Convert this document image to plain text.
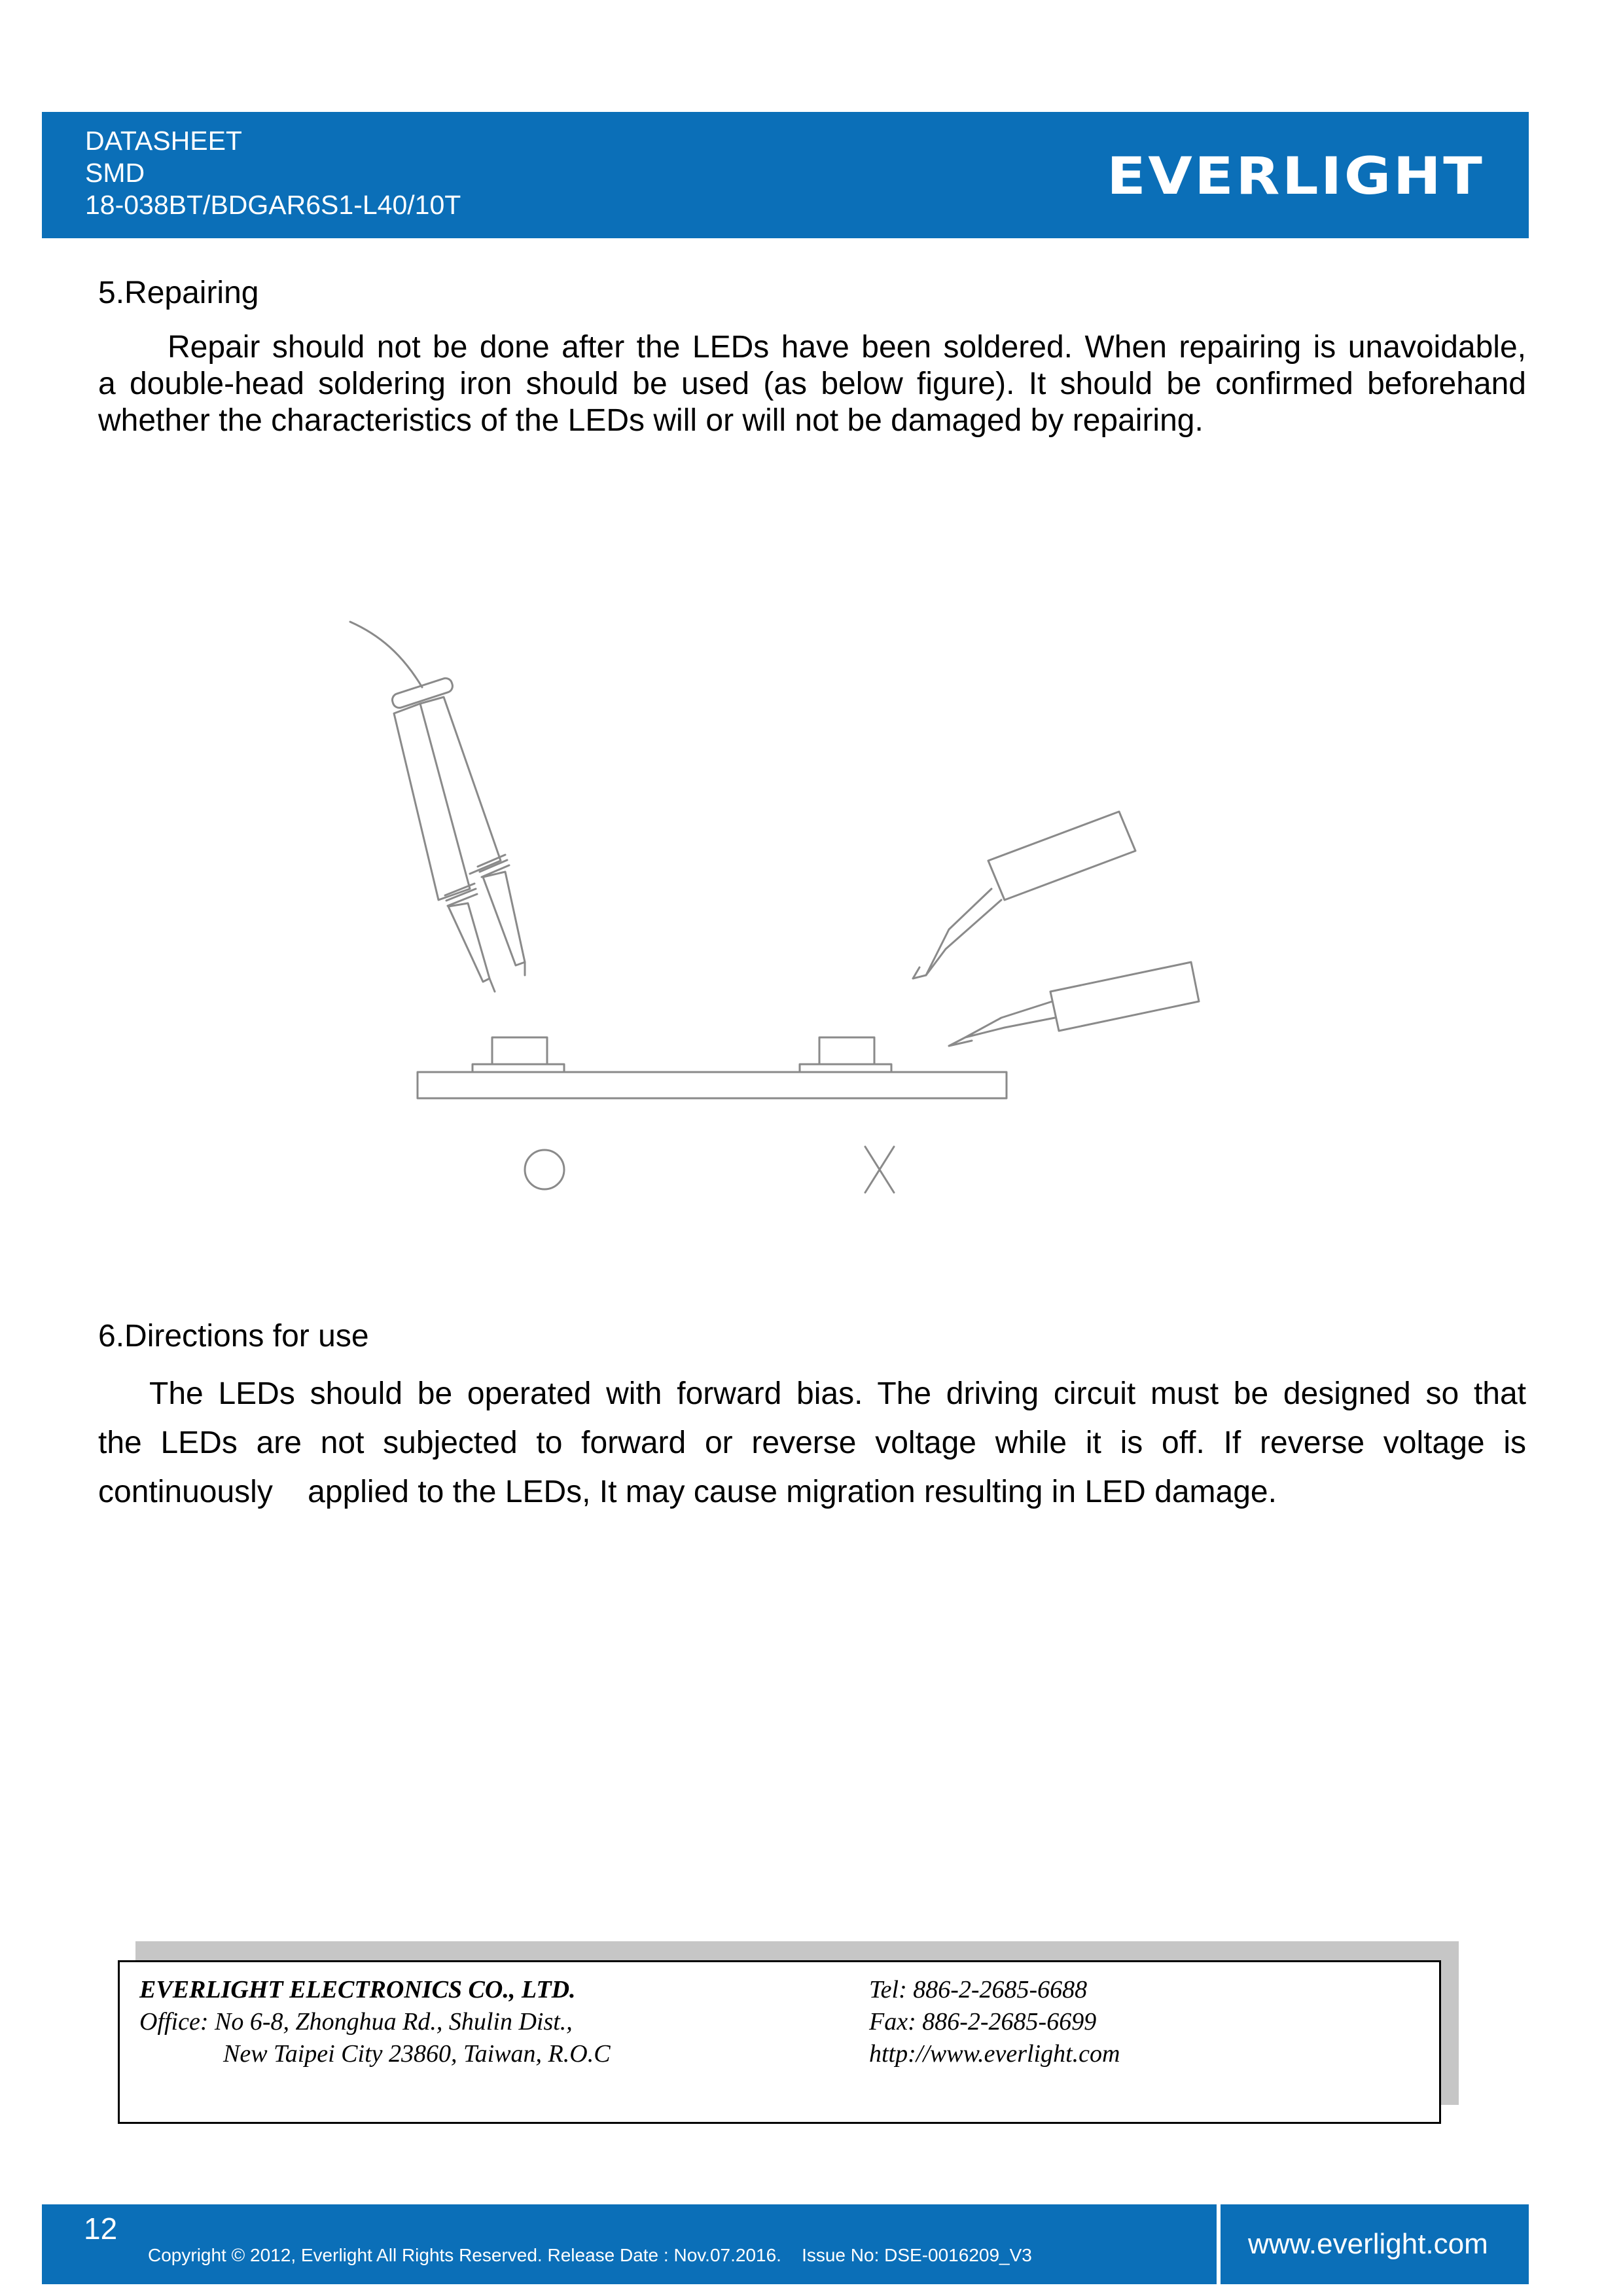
DATASHEET
SMD
18-038BT/BDGAR6S1-L40/10T	EVERLIGHT
5.Repairing
Repair should not be done after the LEDs have been soldered. When repairing is unavoidable,
a double-head soldering iron should be used (as below figure). It should be confirmed beforehand
whether the characteristics of the LEDs will or will not be damaged by repairing.
6.Directions for use
The LEDs should be operated with forward bias. The driving circuit must be designed so that
the LEDs are not subjected to forward or reverse voltage while it is off. If reverse voltage is
continuously    applied to the LEDs, It may cause migration resulting in LED damage.
EVERLIGHT ELECTRONICS CO., LTD.
Office: No 6-8, Zhonghua Rd., Shulin Dist.,
New Taipei City 23860, Taiwan, R.O.C
Tel: 886-2-2685-6688
Fax: 886-2-2685-6699
http://www.everlight.com
12
Copyright © 2012, Everlight All Rights Reserved. Release Date : Nov.07.2016.    Issue No: DSE-0016209_V3	www.everlight.com
